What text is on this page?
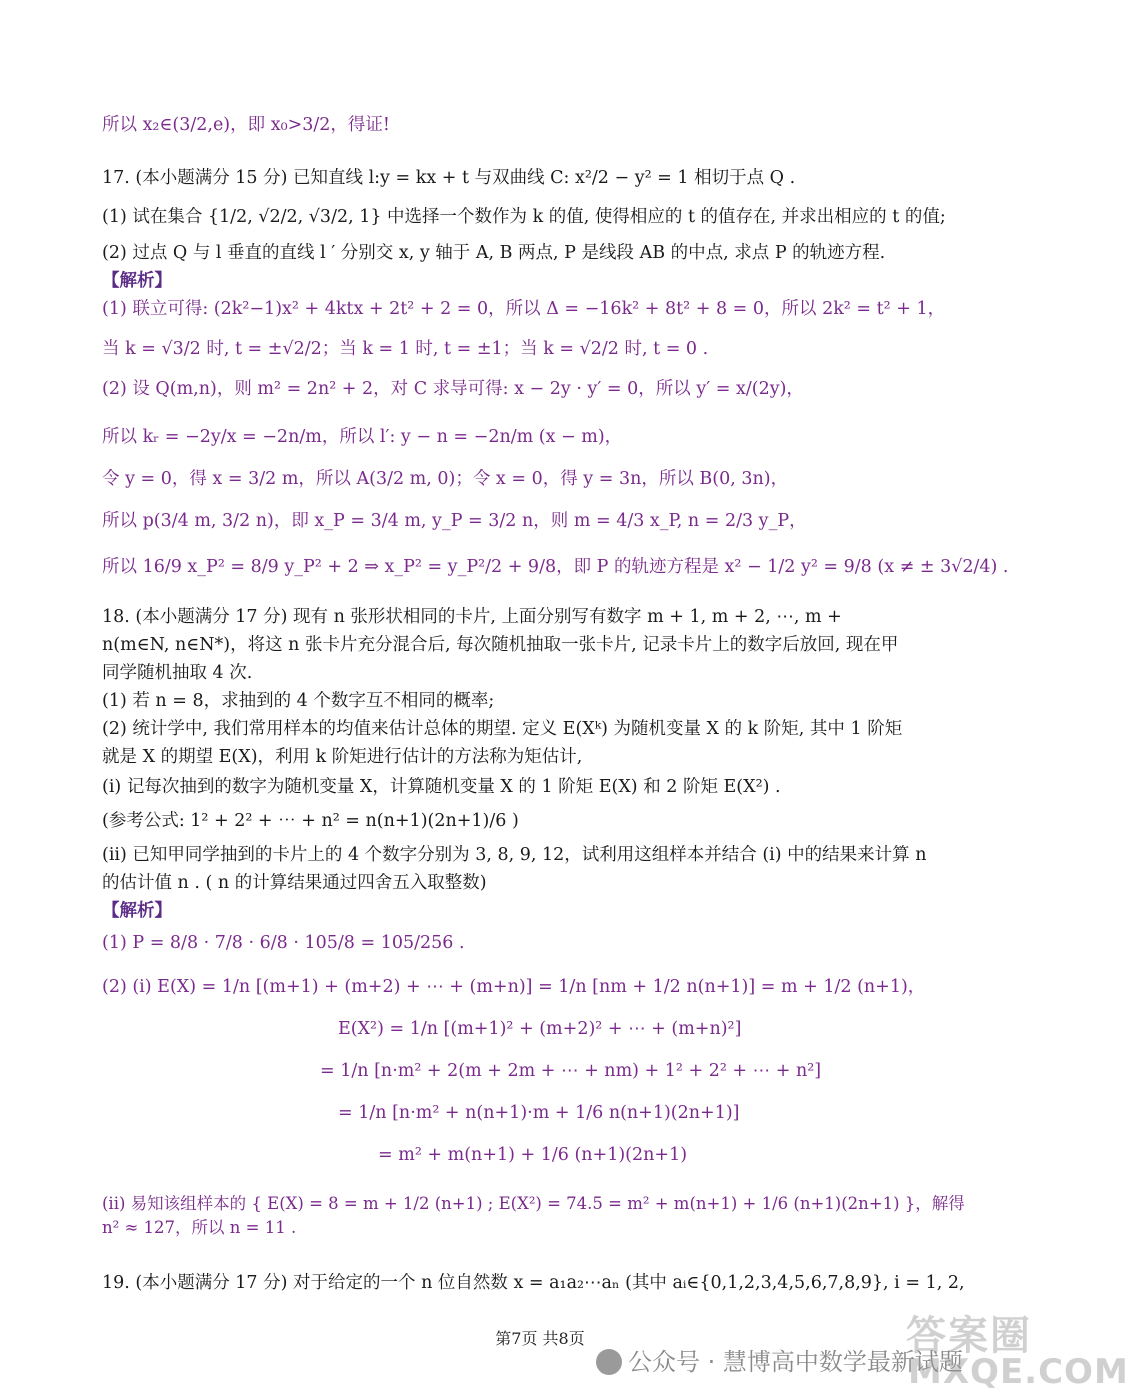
所以 x₂∈(3/2,e)，即 x₀>3/2，得证!
17. (本小题满分 15 分) 已知直线 l:y = kx + t 与双曲线 C: x²/2 − y² = 1 相切于点 Q .
(1) 试在集合 {1/2, √2/2, √3/2, 1} 中选择一个数作为 k 的值, 使得相应的 t 的值存在, 并求出相应的 t 的值;
(2) 过点 Q 与 l 垂直的直线 l ′ 分别交 x, y 轴于 A, B 两点, P 是线段 AB 的中点, 求点 P 的轨迹方程.
【解析】
(1) 联立可得: (2k²−1)x² + 4ktx + 2t² + 2 = 0，所以 Δ = −16k² + 8t² + 8 = 0，所以 2k² = t² + 1，
当 k = √3/2 时, t = ±√2/2；当 k = 1 时, t = ±1；当 k = √2/2 时, t = 0 .
(2) 设 Q(m,n)，则 m² = 2n² + 2，对 C 求导可得: x − 2y · y′ = 0，所以 y′ = x/(2y)，
所以 kᵣ = −2y/x = −2n/m，所以 l′: y − n = −2n/m (x − m)，
令 y = 0，得 x = 3/2 m，所以 A(3/2 m, 0)；令 x = 0，得 y = 3n，所以 B(0, 3n)，
所以 p(3/4 m, 3/2 n)，即 x_P = 3/4 m, y_P = 3/2 n，则 m = 4/3 x_P, n = 2/3 y_P，
所以 16/9 x_P² = 8/9 y_P² + 2 ⇒ x_P² = y_P²/2 + 9/8，即 P 的轨迹方程是 x² − 1/2 y² = 9/8 (x ≠ ± 3√2/4) .
18. (本小题满分 17 分) 现有 n 张形状相同的卡片, 上面分别写有数字 m + 1, m + 2, ⋯, m +
n(m∈N, n∈N*)，将这 n 张卡片充分混合后, 每次随机抽取一张卡片, 记录卡片上的数字后放回, 现在甲
同学随机抽取 4 次.
(1) 若 n = 8，求抽到的 4 个数字互不相同的概率;
(2) 统计学中, 我们常用样本的均值来估计总体的期望. 定义 E(Xᵏ) 为随机变量 X 的 k 阶矩, 其中 1 阶矩
就是 X 的期望 E(X)，利用 k 阶矩进行估计的方法称为矩估计,
(i) 记每次抽到的数字为随机变量 X，计算随机变量 X 的 1 阶矩 E(X) 和 2 阶矩 E(X²) .
(参考公式: 1² + 2² + ⋯ + n² = n(n+1)(2n+1)/6 )
(ii) 已知甲同学抽到的卡片上的 4 个数字分别为 3, 8, 9, 12，试利用这组样本并结合 (i) 中的结果来计算 n
的估计值 n . ( n 的计算结果通过四舍五入取整数)
【解析】
(1) P = 8/8 · 7/8 · 6/8 · 105/8 = 105/256 .
(2) (i) E(X) = 1/n [(m+1) + (m+2) + ⋯ + (m+n)] = 1/n [nm + 1/2 n(n+1)] = m + 1/2 (n+1)，
E(X²) = 1/n [(m+1)² + (m+2)² + ⋯ + (m+n)²]
= 1/n [n·m² + 2(m + 2m + ⋯ + nm) + 1² + 2² + ⋯ + n²]
= 1/n [n·m² + n(n+1)·m + 1/6 n(n+1)(2n+1)]
= m² + m(n+1) + 1/6 (n+1)(2n+1)
(ii) 易知该组样本的 { E(X) = 8 = m + 1/2 (n+1) ; E(X²) = 74.5 = m² + m(n+1) + 1/6 (n+1)(2n+1) }，解得 n² ≈ 127，所以 n = 11 .
19. (本小题满分 17 分) 对于给定的一个 n 位自然数 x = a₁a₂⋯aₙ (其中 aᵢ∈{0,1,2,3,4,5,6,7,8,9}, i = 1, 2,
第7页 共8页
公众号 · 慧博高中数学最新试题
答案圈
MXQE.COM
